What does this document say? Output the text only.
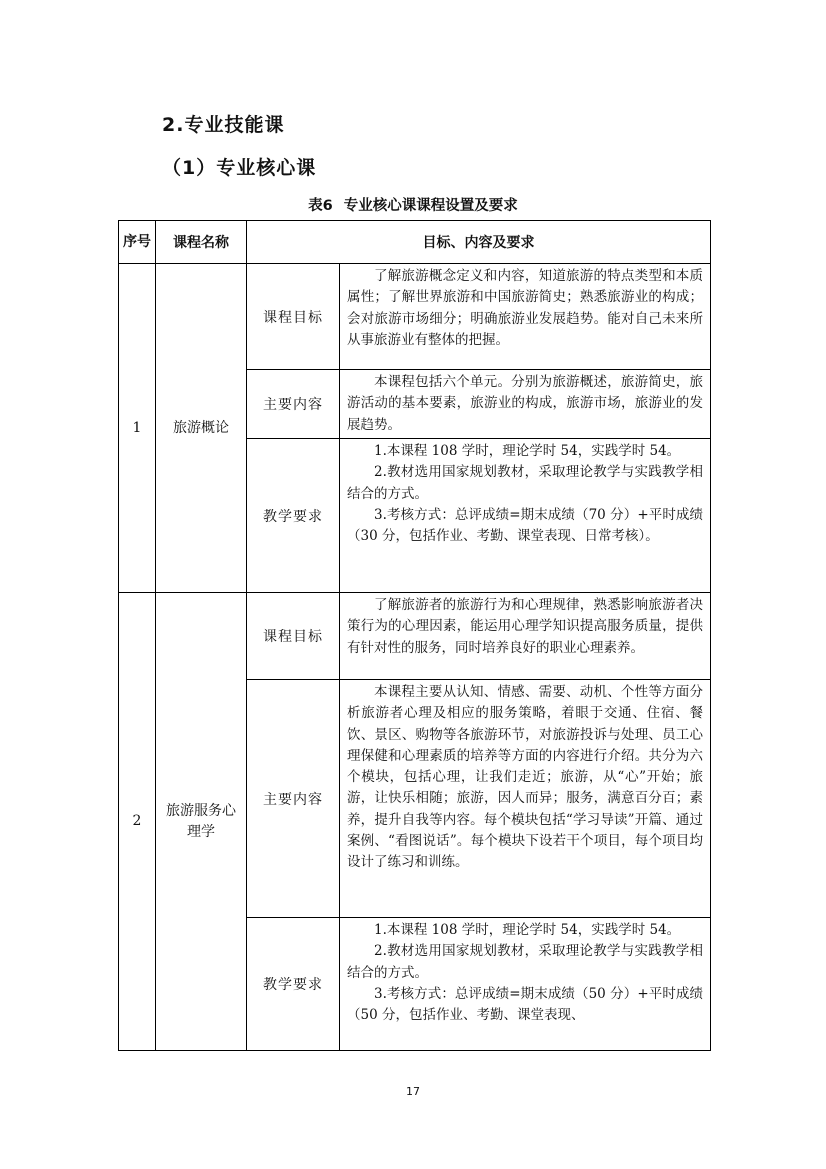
2.专业技能课
（1）专业核心课
表6 专业核心课课程设置及要求
序号	课程名称	目标、内容及要求	
1	旅游概论	课程目标	了解旅游概念定义和内容，知道旅游的特点类型和本质属性；了解世界旅游和中国旅游简史；熟悉旅游业的构成；会对旅游市场细分；明确旅游业发展趋势。能对自己未来所从事旅游业有整体的把握。

		主要内容	本课程包括六个单元。分别为旅游概述，旅游简史，旅游活动的基本要素，旅游业的构成，旅游市场，旅游业的发展趋势。

		教学要求	1.本课程 108 学时，理论学时 54，实践学时 54。

2.教材选用国家规划教材，采取理论教学与实践教学相结合的方式。

3.考核方式：总评成绩=期末成绩（70 分）+平时成绩（30 分，包括作业、考勤、课堂表现、日常考核）。

2	旅游服务心理学	课程目标	了解旅游者的旅游行为和心理规律，熟悉影响旅游者决策行为的心理因素，能运用心理学知识提高服务质量，提供有针对性的服务，同时培养良好的职业心理素养。

		主要内容	本课程主要从认知、情感、需要、动机、个性等方面分析旅游者心理及相应的服务策略，着眼于交通、住宿、餐饮、景区、购物等各旅游环节，对旅游投诉与处理、员工心理保健和心理素质的培养等方面的内容进行介绍。共分为六个模块，包括心理，让我们走近；旅游，从“心”开始；旅游，让快乐相随；旅游，因人而异；服务，满意百分百；素养，提升自我等内容。每个模块包括“学习导读”开篇、通过案例、“看图说话”。每个模块下设若干个项目，每个项目均设计了练习和训练。

		教学要求	1.本课程 108 学时，理论学时 54，实践学时 54。

2.教材选用国家规划教材，采取理论教学与实践教学相结合的方式。

3.考核方式：总评成绩=期末成绩（50 分）+平时成绩（50 分，包括作业、考勤、课堂表现、

17
